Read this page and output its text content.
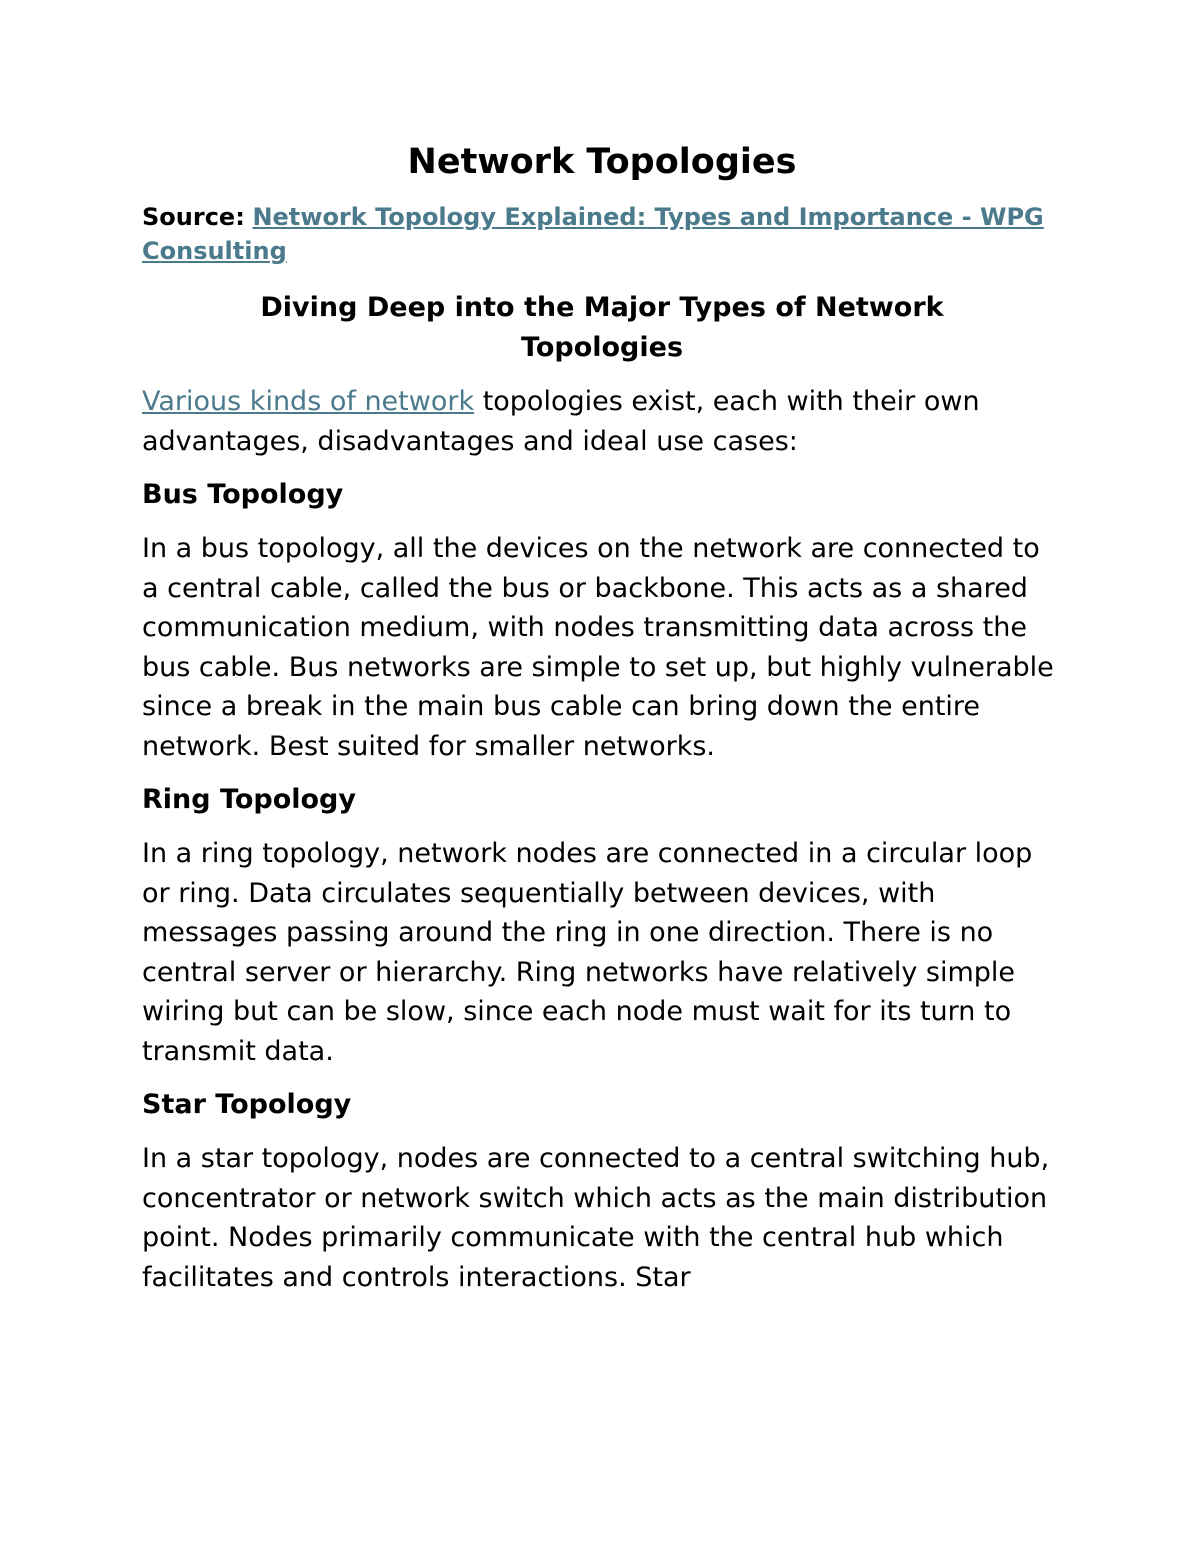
Network Topologies

Source: Network Topology Explained: Types and Importance - WPG Consulting

Diving Deep into the Major Types of Network Topologies

Various kinds of network topologies exist, each with their own advantages, disadvantages and ideal use cases:

Bus Topology

In a bus topology, all the devices on the network are connected to a central cable, called the bus or backbone. This acts as a shared communication medium, with nodes transmitting data across the bus cable. Bus networks are simple to set up, but highly vulnerable since a break in the main bus cable can bring down the entire network. Best suited for smaller networks.

Ring Topology

In a ring topology, network nodes are connected in a circular loop or ring. Data circulates sequentially between devices, with messages passing around the ring in one direction. There is no central server or hierarchy. Ring networks have relatively simple wiring but can be slow, since each node must wait for its turn to transmit data.

Star Topology

In a star topology, nodes are connected to a central switching hub, concentrator or network switch which acts as the main distribution point. Nodes primarily communicate with the central hub which facilitates and controls interactions. Star
